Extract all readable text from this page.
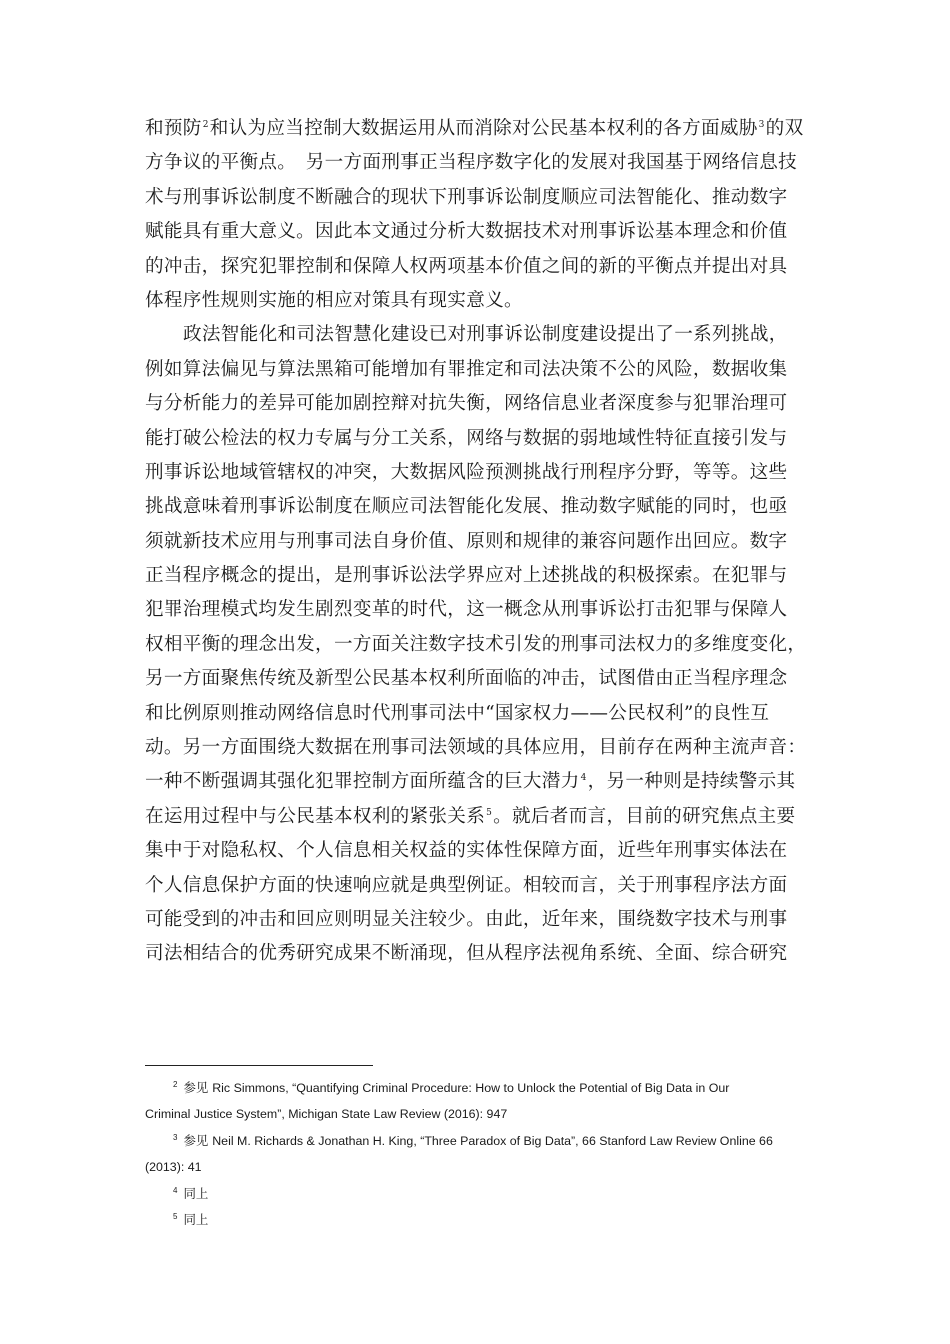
和预防$^2$和认为应当控制大数据运用从而消除对公民基本权利的各方面威胁$^3$的双
方争议的平衡点。　另一方面刑事正当程序数字化的发展对我国基于网络信息技
术与刑事诉讼制度不断融合的现状下刑事诉讼制度顺应司法智能化、推动数字
赋能具有重大意义。因此本文通过分析大数据技术对刑事诉讼基本理念和价值
的冲击，探究犯罪控制和保障人权两项基本价值之间的新的平衡点并提出对具
体程序性规则实施的相应对策具有现实意义。
政法智能化和司法智慧化建设已对刑事诉讼制度建设提出了一系列挑战，
例如算法偏见与算法黑箱可能增加有罪推定和司法决策不公的风险，数据收集
与分析能力的差异可能加剧控辩对抗失衡，网络信息业者深度参与犯罪治理可
能打破公检法的权力专属与分工关系，网络与数据的弱地域性特征直接引发与
刑事诉讼地域管辖权的冲突，大数据风险预测挑战行刑程序分野，等等。这些
挑战意味着刑事诉讼制度在顺应司法智能化发展、推动数字赋能的同时，也亟
须就新技术应用与刑事司法自身价值、原则和规律的兼容问题作出回应。数字
正当程序概念的提出，是刑事诉讼法学界应对上述挑战的积极探索。在犯罪与
犯罪治理模式均发生剧烈变革的时代，这一概念从刑事诉讼打击犯罪与保障人
权相平衡的理念出发，一方面关注数字技术引发的刑事司法权力的多维度变化，
另一方面聚焦传统及新型公民基本权利所面临的冲击，试图借由正当程序理念
和比例原则推动网络信息时代刑事司法中“国家权力——公民权利”的良性互
动。另一方面围绕大数据在刑事司法领域的具体应用，目前存在两种主流声音：
一种不断强调其强化犯罪控制方面所蕴含的巨大潜力$^4$，另一种则是持续警示其
在运用过程中与公民基本权利的紧张关系$^5$。就后者而言，目前的研究焦点主要
集中于对隐私权、个人信息相关权益的实体性保障方面，近些年刑事实体法在
个人信息保护方面的快速响应就是典型例证。相较而言，关于刑事程序法方面
可能受到的冲击和回应则明显关注较少。由此，近年来，围绕数字技术与刑事
司法相结合的优秀研究成果不断涌现，但从程序法视角系统、全面、综合研究
2 参见 Ric Simmons, “Quantifying Criminal Procedure: How to Unlock the Potential of Big Data in Our
Criminal Justice System”, Michigan State Law Review (2016): 947
3 参见 Neil M. Richards & Jonathan H. King, “Three Paradox of Big Data”, 66 Stanford Law Review Online 66
(2013): 41
4 同上
5 同上
